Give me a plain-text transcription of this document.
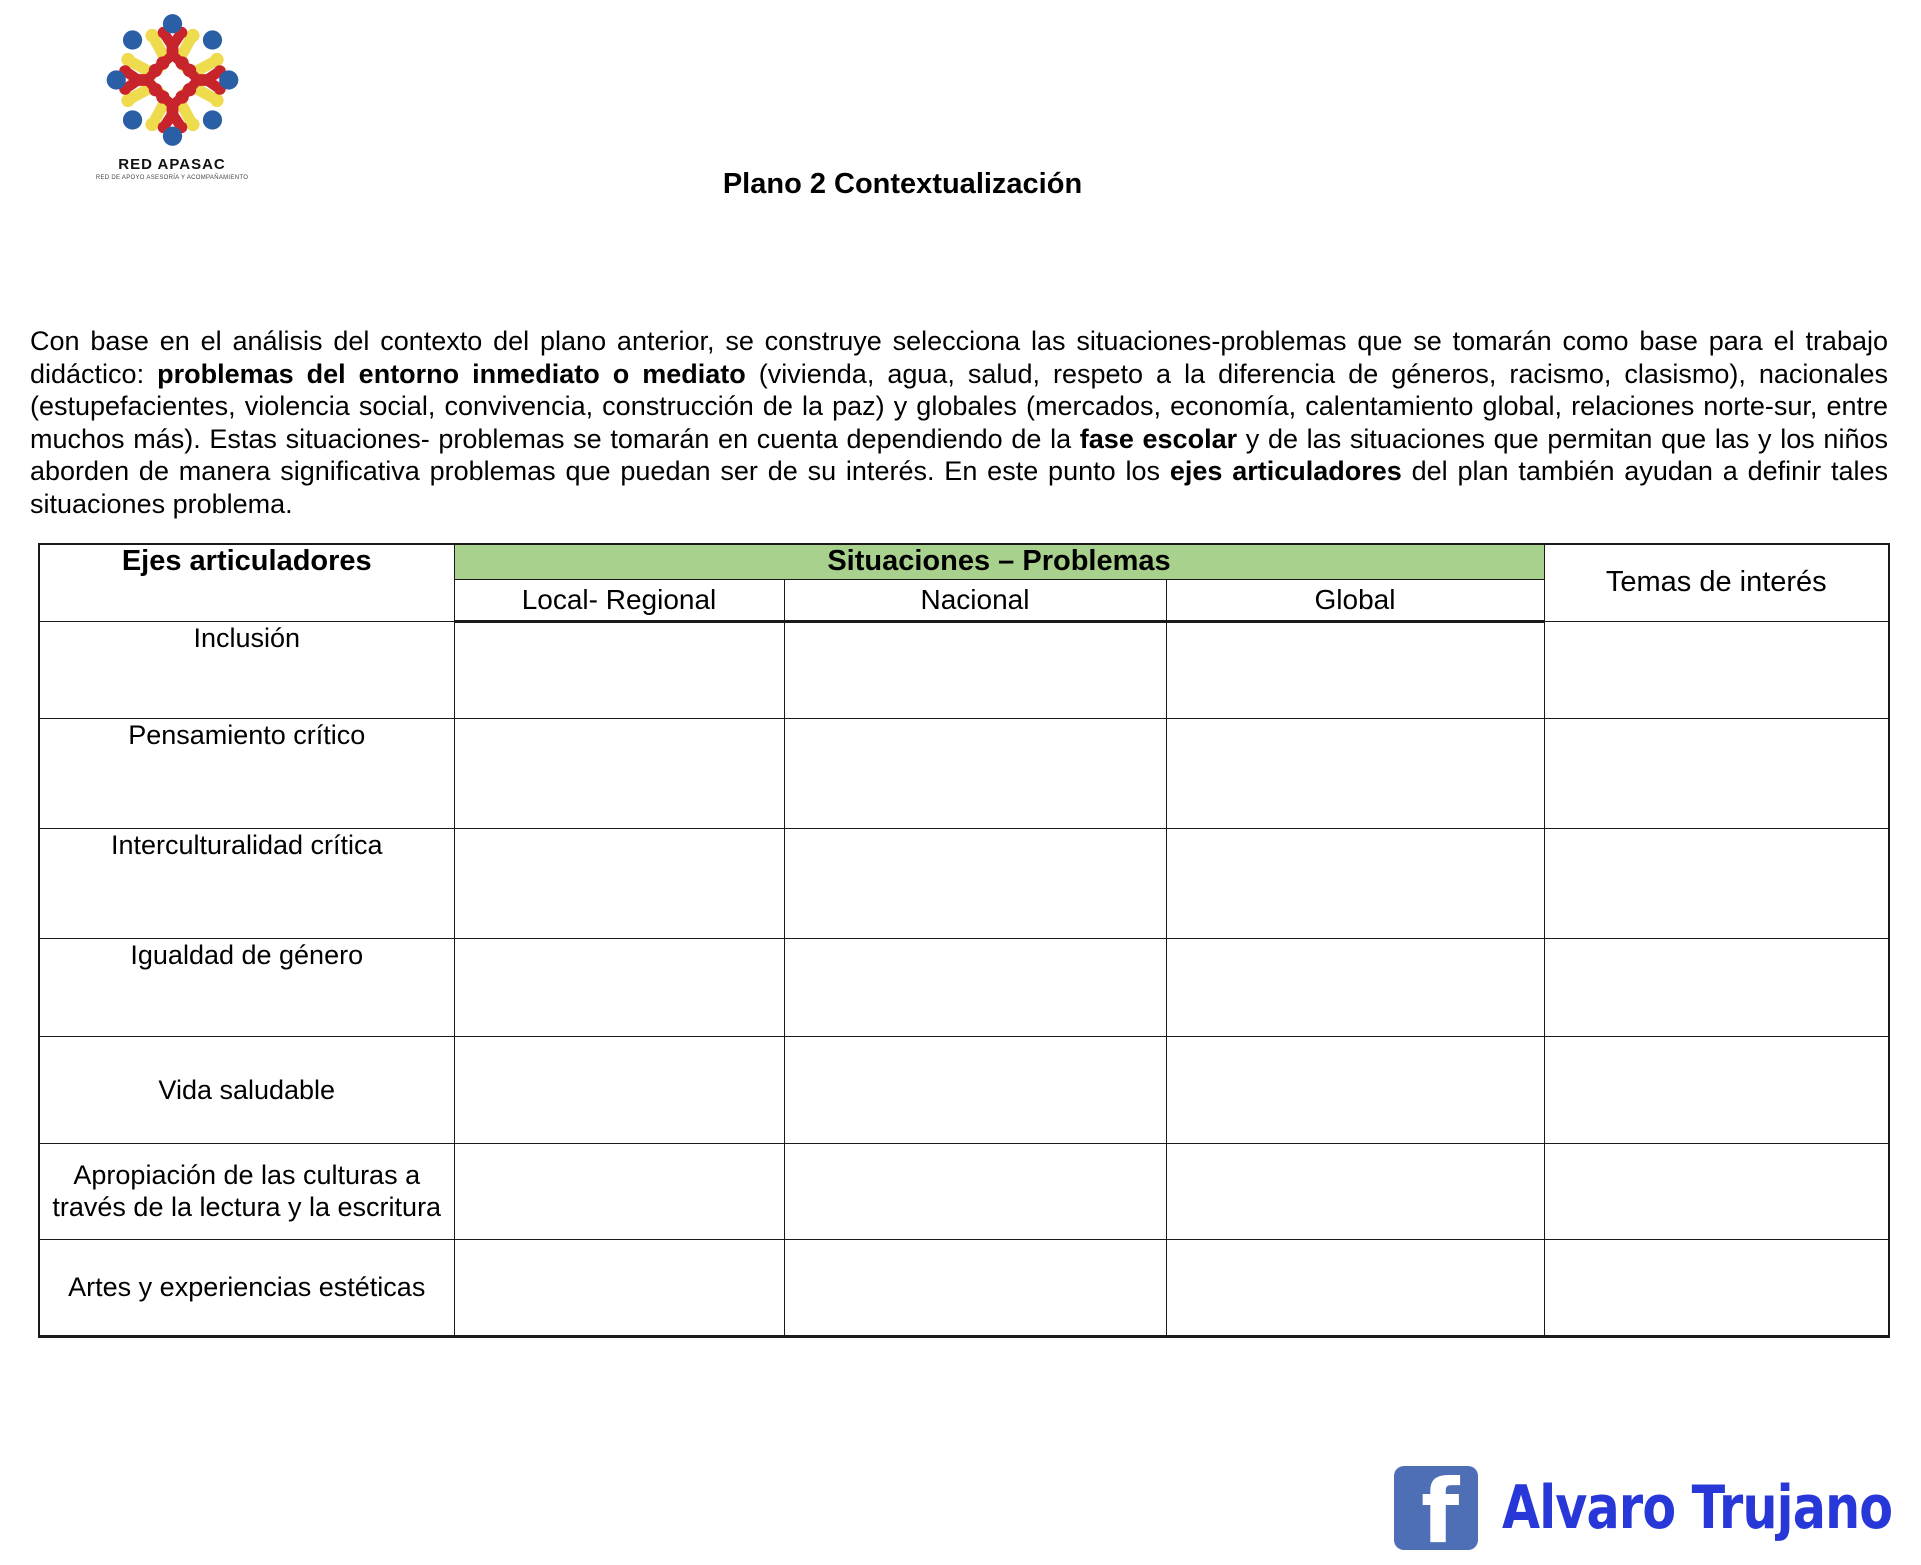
RED APASAC
RED DE APOYO ASESORÍA Y ACOMPAÑAMIENTO	Plano 2 Contextualización

Con base en el análisis del contexto del plano anterior, se construye selecciona las situaciones-problemas que se tomarán como base para el trabajo didáctico: problemas del entorno inmediato o mediato (vivienda, agua, salud, respeto a la diferencia de géneros, racismo, clasismo), nacionales (estupefacientes, violencia social, convivencia, construcción de la paz) y globales (mercados, economía, calentamiento global, relaciones norte-sur, entre muchos más). Estas situaciones- problemas se tomarán en cuenta dependiendo de la fase escolar y de las situaciones que permitan que las y los niños aborden de manera significativa problemas que puedan ser de su interés. En este punto los ejes articuladores del plan también ayudan a definir tales situaciones problema.

Ejes articuladores	Situaciones – Problemas			Temas de interés
	Local- Regional	Nacional	Global	
Inclusión				
Pensamiento crítico				
Interculturalidad crítica				
Igualdad de género				
Vida saludable				
Apropiación de las culturas a través de la lectura y la escritura				
Artes y experiencias estéticas				
f Alvaro Trujano
